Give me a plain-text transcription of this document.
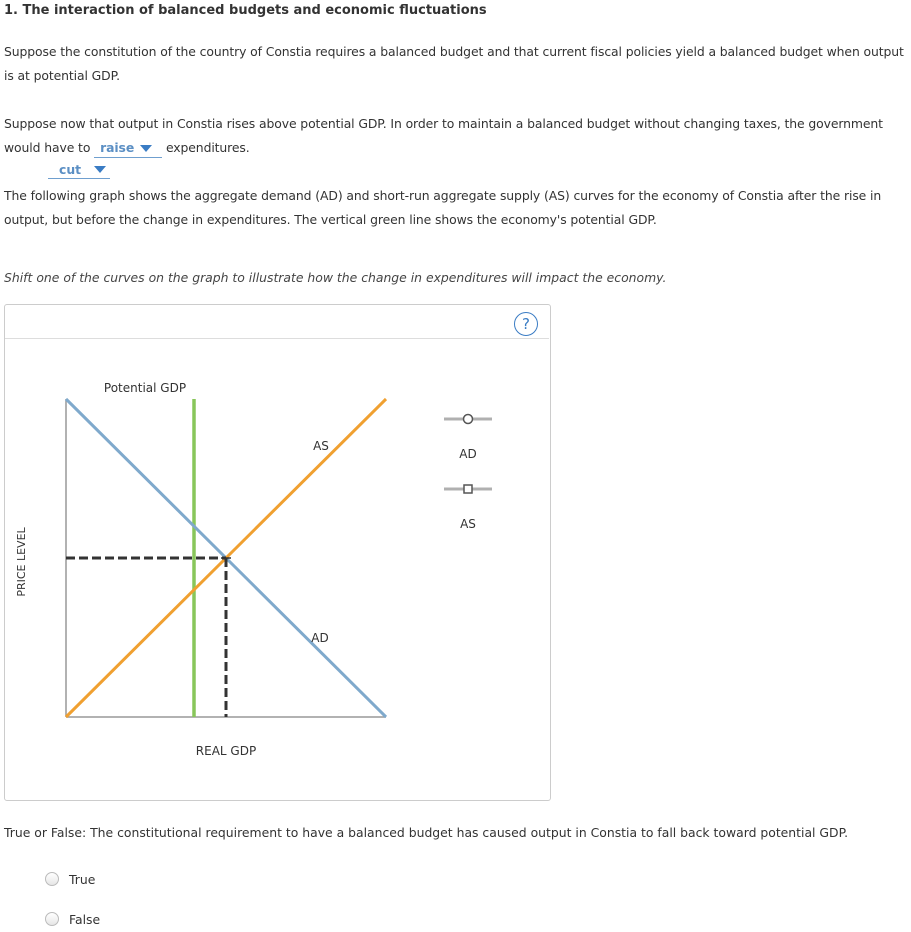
1. The interaction of balanced budgets and economic fluctuations
Suppose the constitution of the country of Constia requires a balanced budget and that current fiscal policies yield a balanced budget when output is at potential GDP.
Suppose now that output in Constia rises above potential GDP. In order to maintain a balanced budget without changing taxes, the government would have to raise	expenditures.
cut
The following graph shows the aggregate demand (AD) and short-run aggregate supply (AS) curves for the economy of Constia after the rise in output, but before the change in expenditures. The vertical green line shows the economy's potential GDP.
Shift one of the curves on the graph to illustrate how the change in expenditures will impact the economy.
?
Potential GDP
AS
AD
REAL GDP
PRICE LEVEL
AD
AS
True or False: The constitutional requirement to have a balanced budget has caused output in Constia to fall back toward potential GDP.
True
False
